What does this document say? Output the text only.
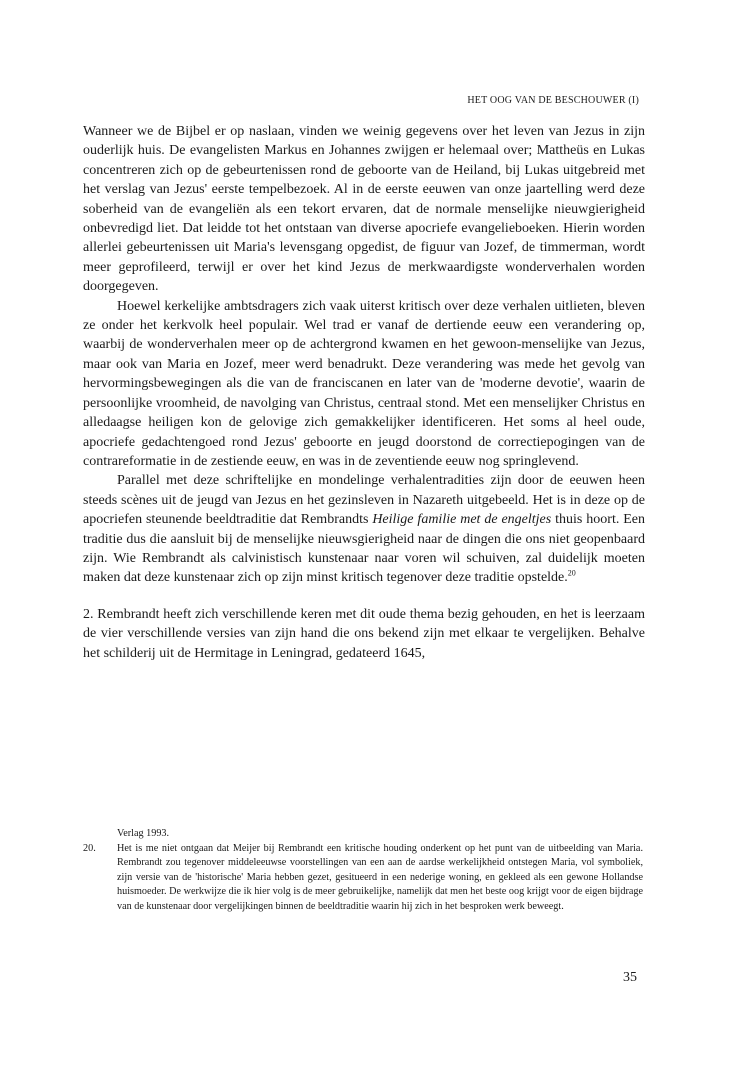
HET OOG VAN DE BESCHOUWER (I)

Wanneer we de Bijbel er op naslaan, vinden we weinig gegevens over het leven van Jezus in zijn ouderlijk huis. De evangelisten Markus en Johannes zwijgen er helemaal over; Mattheüs en Lukas concentreren zich op de gebeurtenissen rond de geboorte van de Heiland, bij Lukas uitgebreid met het verslag van Jezus' eerste tempelbezoek. Al in de eerste eeuwen van onze jaartelling werd deze soberheid van de evangeliën als een tekort ervaren, dat de normale menselijke nieuwgierigheid onbevredigd liet. Dat leidde tot het ontstaan van diverse apocriefe evangelieboeken. Hierin worden allerlei gebeurtenissen uit Maria's levensgang opgedist, de figuur van Jozef, de timmerman, wordt meer geprofileerd, terwijl er over het kind Jezus de merkwaardigste wonderverhalen worden doorgegeven.

Hoewel kerkelijke ambtsdragers zich vaak uiterst kritisch over deze verhalen uitlieten, bleven ze onder het kerkvolk heel populair. Wel trad er vanaf de dertiende eeuw een verandering op, waarbij de wonderverhalen meer op de achtergrond kwamen en het gewoon-menselijke van Jezus, maar ook van Maria en Jozef, meer werd benadrukt. Deze verandering was mede het gevolg van hervormingsbewegingen als die van de franciscanen en later van de 'moderne devotie', waarin de persoonlijke vroomheid, de navolging van Christus, centraal stond. Met een menselijker Christus en alledaagse heiligen kon de gelovige zich gemakkelijker identificeren. Het soms al heel oude, apocriefe gedachtengoed rond Jezus' geboorte en jeugd doorstond de correctiepogingen van de contrareformatie in de zestiende eeuw, en was in de zeventiende eeuw nog springlevend.

Parallel met deze schriftelijke en mondelinge verhalentradities zijn door de eeuwen heen steeds scènes uit de jeugd van Jezus en het gezinsleven in Nazareth uitgebeeld. Het is in deze op de apocriefen steunende beeldtraditie dat Rembrandts Heilige familie met de engeltjes thuis hoort. Een traditie dus die aansluit bij de menselijke nieuwsgierigheid naar de dingen die ons niet geopenbaard zijn. Wie Rembrandt als calvinistisch kunstenaar naar voren wil schuiven, zal duidelijk moeten maken dat deze kunstenaar zich op zijn minst kritisch tegenover deze traditie opstelde.$^{20}$

2. Rembrandt heeft zich verschillende keren met dit oude thema bezig gehouden, en het is leerzaam de vier verschillende versies van zijn hand die ons bekend zijn met elkaar te vergelijken. Behalve het schilderij uit de Hermitage in Leningrad, gedateerd 1645,

Verlag 1993.
20.	Het is me niet ontgaan dat Meijer bij Rembrandt een kritische houding onderkent op het punt van de uitbeelding van Maria. Rembrandt zou tegenover middeleeuwse voorstellingen van een aan de aardse werkelijkheid ontstegen Maria, vol symboliek, zijn versie van de 'historische' Maria hebben gezet, gesitueerd in een nederige woning, en gekleed als een gewone Hollandse huismoeder. De werkwijze die ik hier volg is de meer gebruikelijke, namelijk dat men het beste oog krijgt voor de eigen bijdrage van de kunstenaar door vergelijkingen binnen de beeldtraditie waarin hij zich in het besproken werk beweegt.
35
